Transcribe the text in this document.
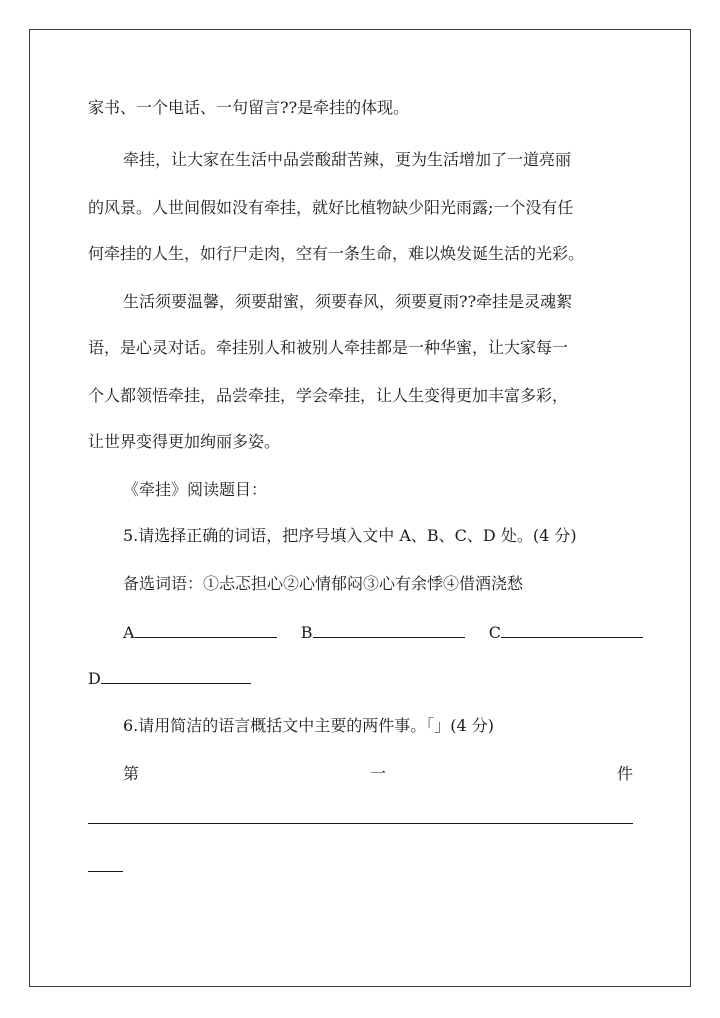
家书、一个电话、一句留言??是牵挂的体现。
牵挂，让大家在生活中品尝酸甜苦辣，更为生活增加了一道亮丽
的风景。人世间假如没有牵挂，就好比植物缺少阳光雨露;一个没有任
何牵挂的人生，如行尸走肉，空有一条生命，难以焕发诞生活的光彩。
生活须要温馨，须要甜蜜，须要春风，须要夏雨??牵挂是灵魂絮
语，是心灵对话。牵挂别人和被别人牵挂都是一种华蜜，让大家每一
个人都领悟牵挂，品尝牵挂，学会牵挂，让人生变得更加丰富多彩，
让世界变得更加绚丽多姿。
《牵挂》阅读题目：
5.请选择正确的词语，把序号填入文中 A、B、C、D 处。(4 分)
备选词语：①忐忑担心②心情郁闷③心有余悸④借酒浇愁
A	B	C
D
6.请用简洁的语言概括文中主要的两件事。「」(4 分)
第	一	件
